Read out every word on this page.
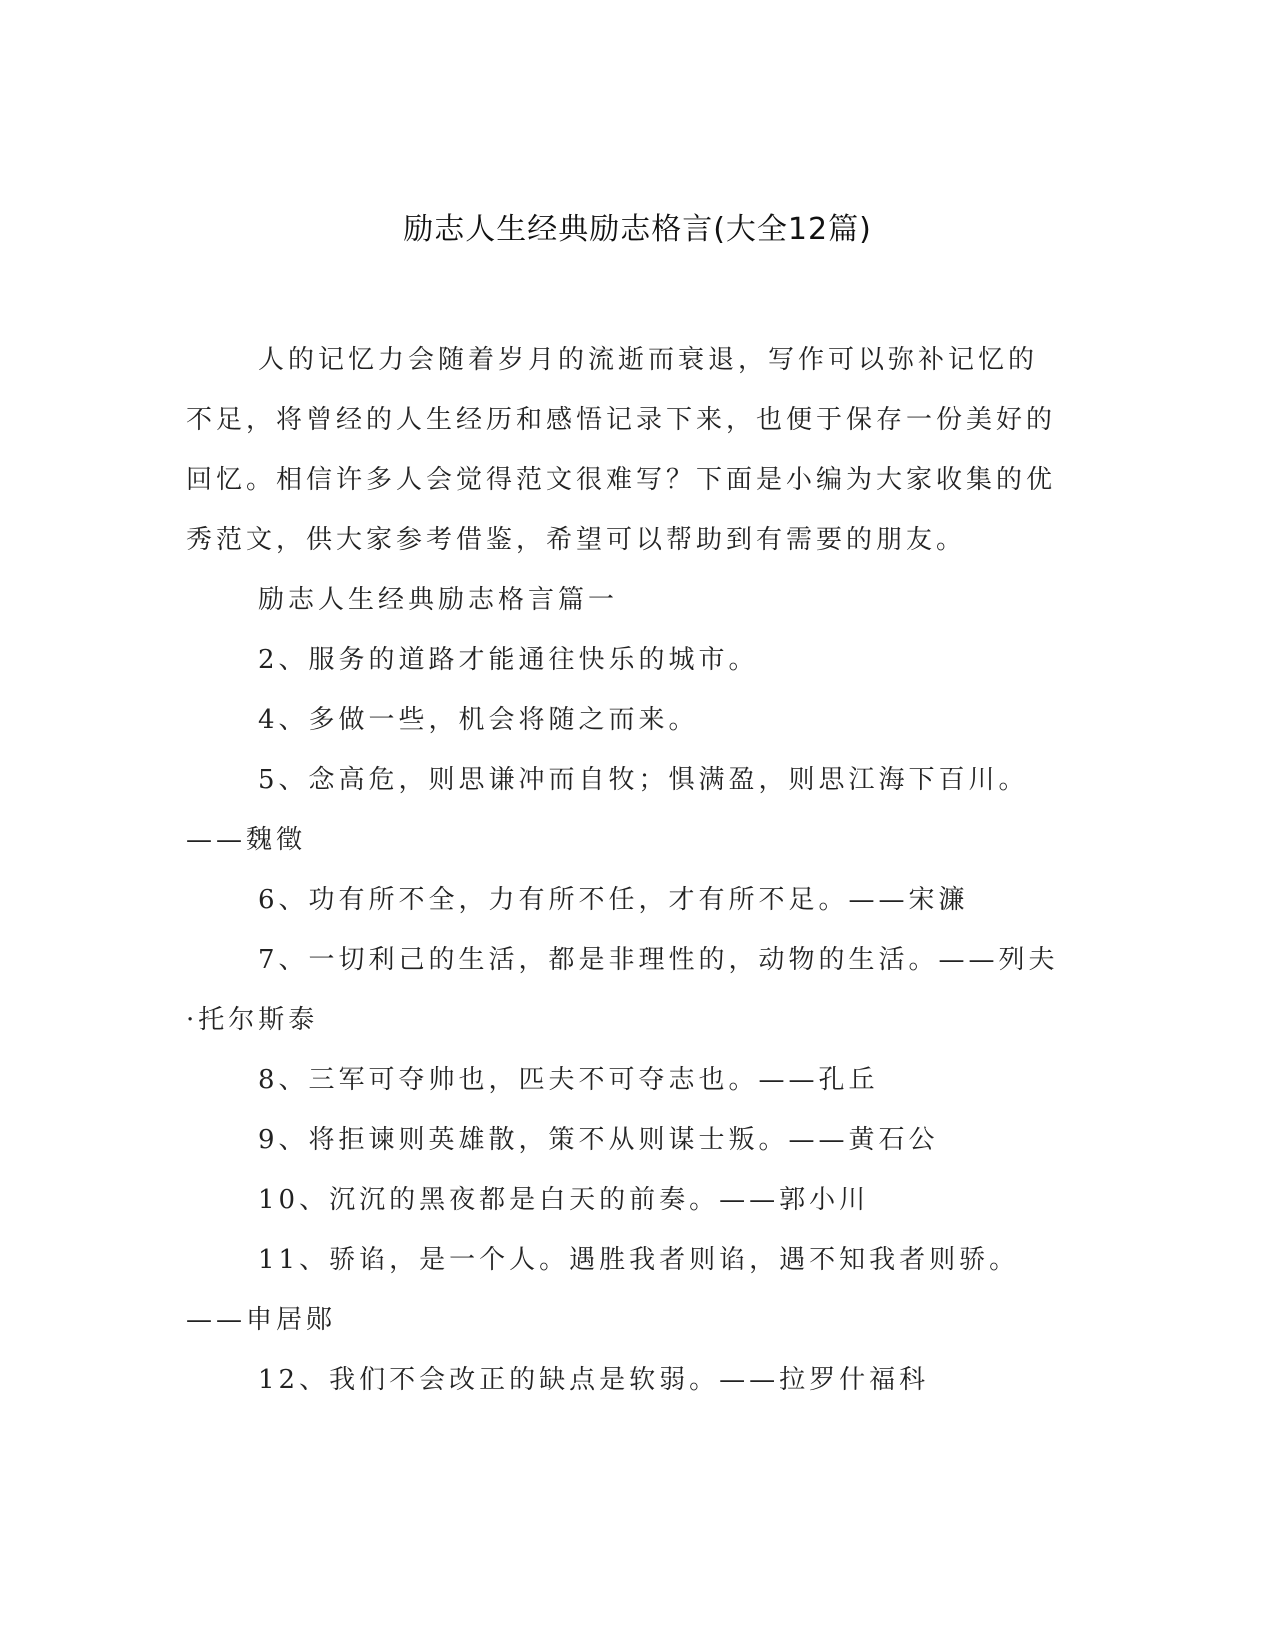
励志人生经典励志格言(大全12篇)

人的记忆力会随着岁月的流逝而衰退，写作可以弥补记忆的不足，将曾经的人生经历和感悟记录下来，也便于保存一份美好的回忆。相信许多人会觉得范文很难写？下面是小编为大家收集的优秀范文，供大家参考借鉴，希望可以帮助到有需要的朋友。

励志人生经典励志格言篇一

2、服务的道路才能通往快乐的城市。

4、多做一些，机会将随之而来。

5、念高危，则思谦冲而自牧；惧满盈，则思江海下百川。——魏徵

6、功有所不全，力有所不任，才有所不足。——宋濂

7、一切利己的生活，都是非理性的，动物的生活。——列夫·托尔斯泰

8、三军可夺帅也，匹夫不可夺志也。——孔丘

9、将拒谏则英雄散，策不从则谋士叛。——黄石公

10、沉沉的黑夜都是白天的前奏。——郭小川

11、骄谄，是一个人。遇胜我者则谄，遇不知我者则骄。——申居郧

12、我们不会改正的缺点是软弱。——拉罗什福科
